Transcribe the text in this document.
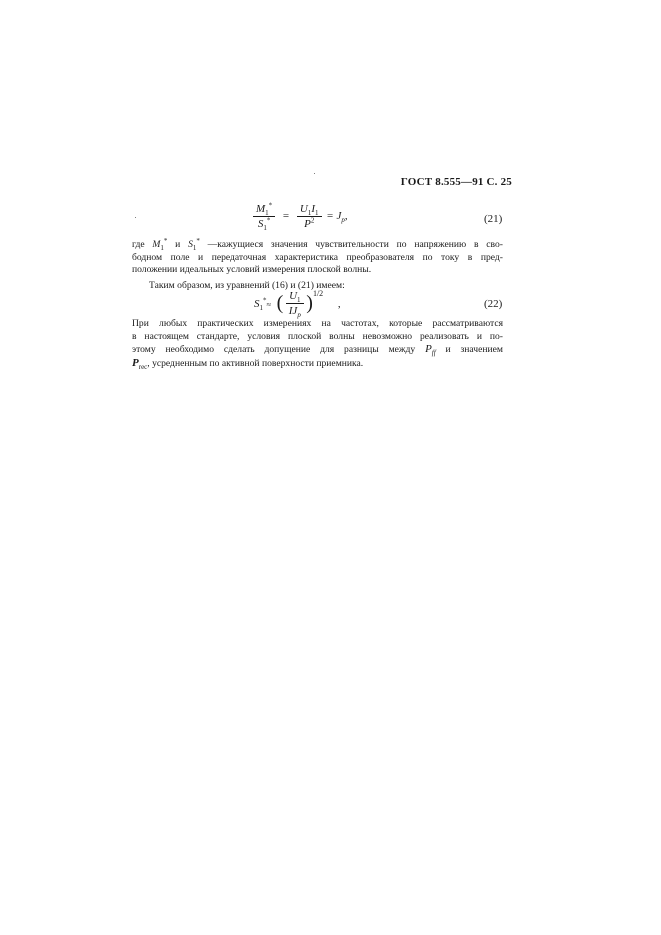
ГОСТ 8.555—91 С. 25
$\frac{M_1^*}{S_1^*} = \frac{U_1I_1}{P^2} = J_p$,	(21)
где $M_1^*$ и $S_1^*$ —кажущиеся значения чувствительности по напряжению в сво-
бодном поле и передаточная характеристика преобразователя по току в пред-
положении идеальных условий измерения плоской волны.
Таким образом, из уравнений (16) и (21) имеем:
$S_1^*\approx$ ( $\frac{U_1}{IJ_p} )^{1/2}$ ,	(22)
При любых практических измерениях на частотах, которые рассматриваются
в настоящем стандарте, условия плоской волны невозможно реализовать и по-
этому необходимо сделать допущение для разницы между $P_{ff}$ и значением
$P_{rec}$, усредненным по активной поверхности приемника.
